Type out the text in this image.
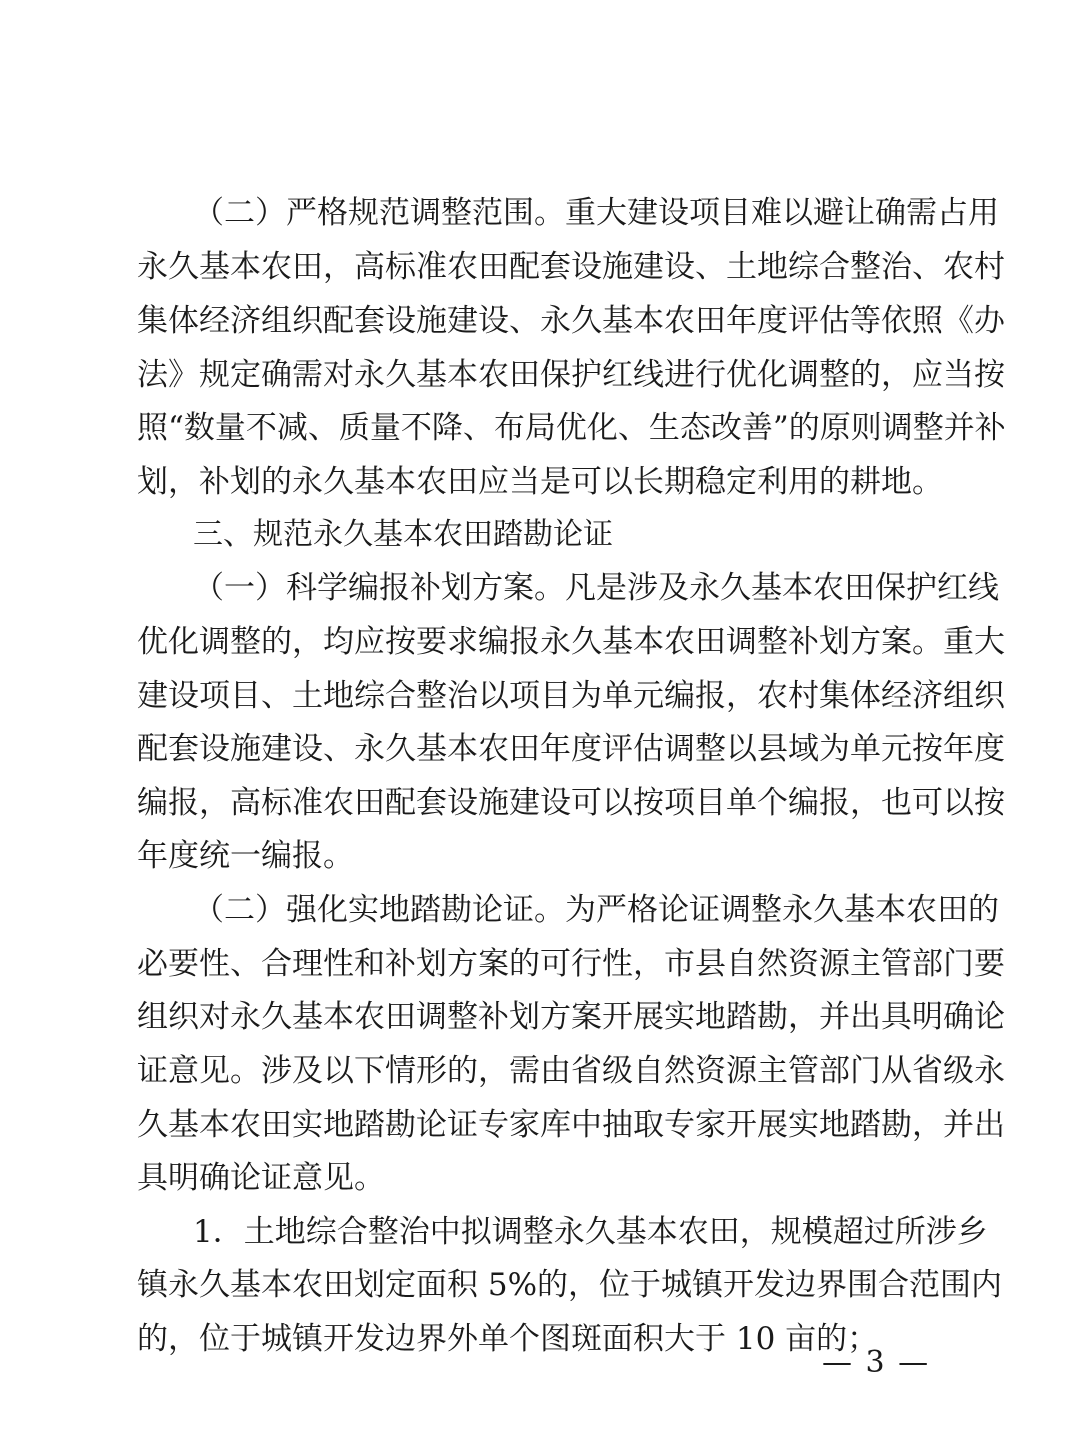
（二）严格规范调整范围。重大建设项目难以避让确需占用
永久基本农田，高标准农田配套设施建设、土地综合整治、农村
集体经济组织配套设施建设、永久基本农田年度评估等依照《办
法》规定确需对永久基本农田保护红线进行优化调整的，应当按
照“数量不减、质量不降、布局优化、生态改善”的原则调整并补
划，补划的永久基本农田应当是可以长期稳定利用的耕地。
三、规范永久基本农田踏勘论证
（一）科学编报补划方案。凡是涉及永久基本农田保护红线
优化调整的，均应按要求编报永久基本农田调整补划方案。重大
建设项目、土地综合整治以项目为单元编报，农村集体经济组织
配套设施建设、永久基本农田年度评估调整以县域为单元按年度
编报，高标准农田配套设施建设可以按项目单个编报，也可以按
年度统一编报。
（二）强化实地踏勘论证。为严格论证调整永久基本农田的
必要性、合理性和补划方案的可行性，市县自然资源主管部门要
组织对永久基本农田调整补划方案开展实地踏勘，并出具明确论
证意见。涉及以下情形的，需由省级自然资源主管部门从省级永
久基本农田实地踏勘论证专家库中抽取专家开展实地踏勘，并出
具明确论证意见。
1．土地综合整治中拟调整永久基本农田，规模超过所涉乡
镇永久基本农田划定面积 5%的，位于城镇开发边界围合范围内
的，位于城镇开发边界外单个图斑面积大于 10 亩的；
— 3 —
